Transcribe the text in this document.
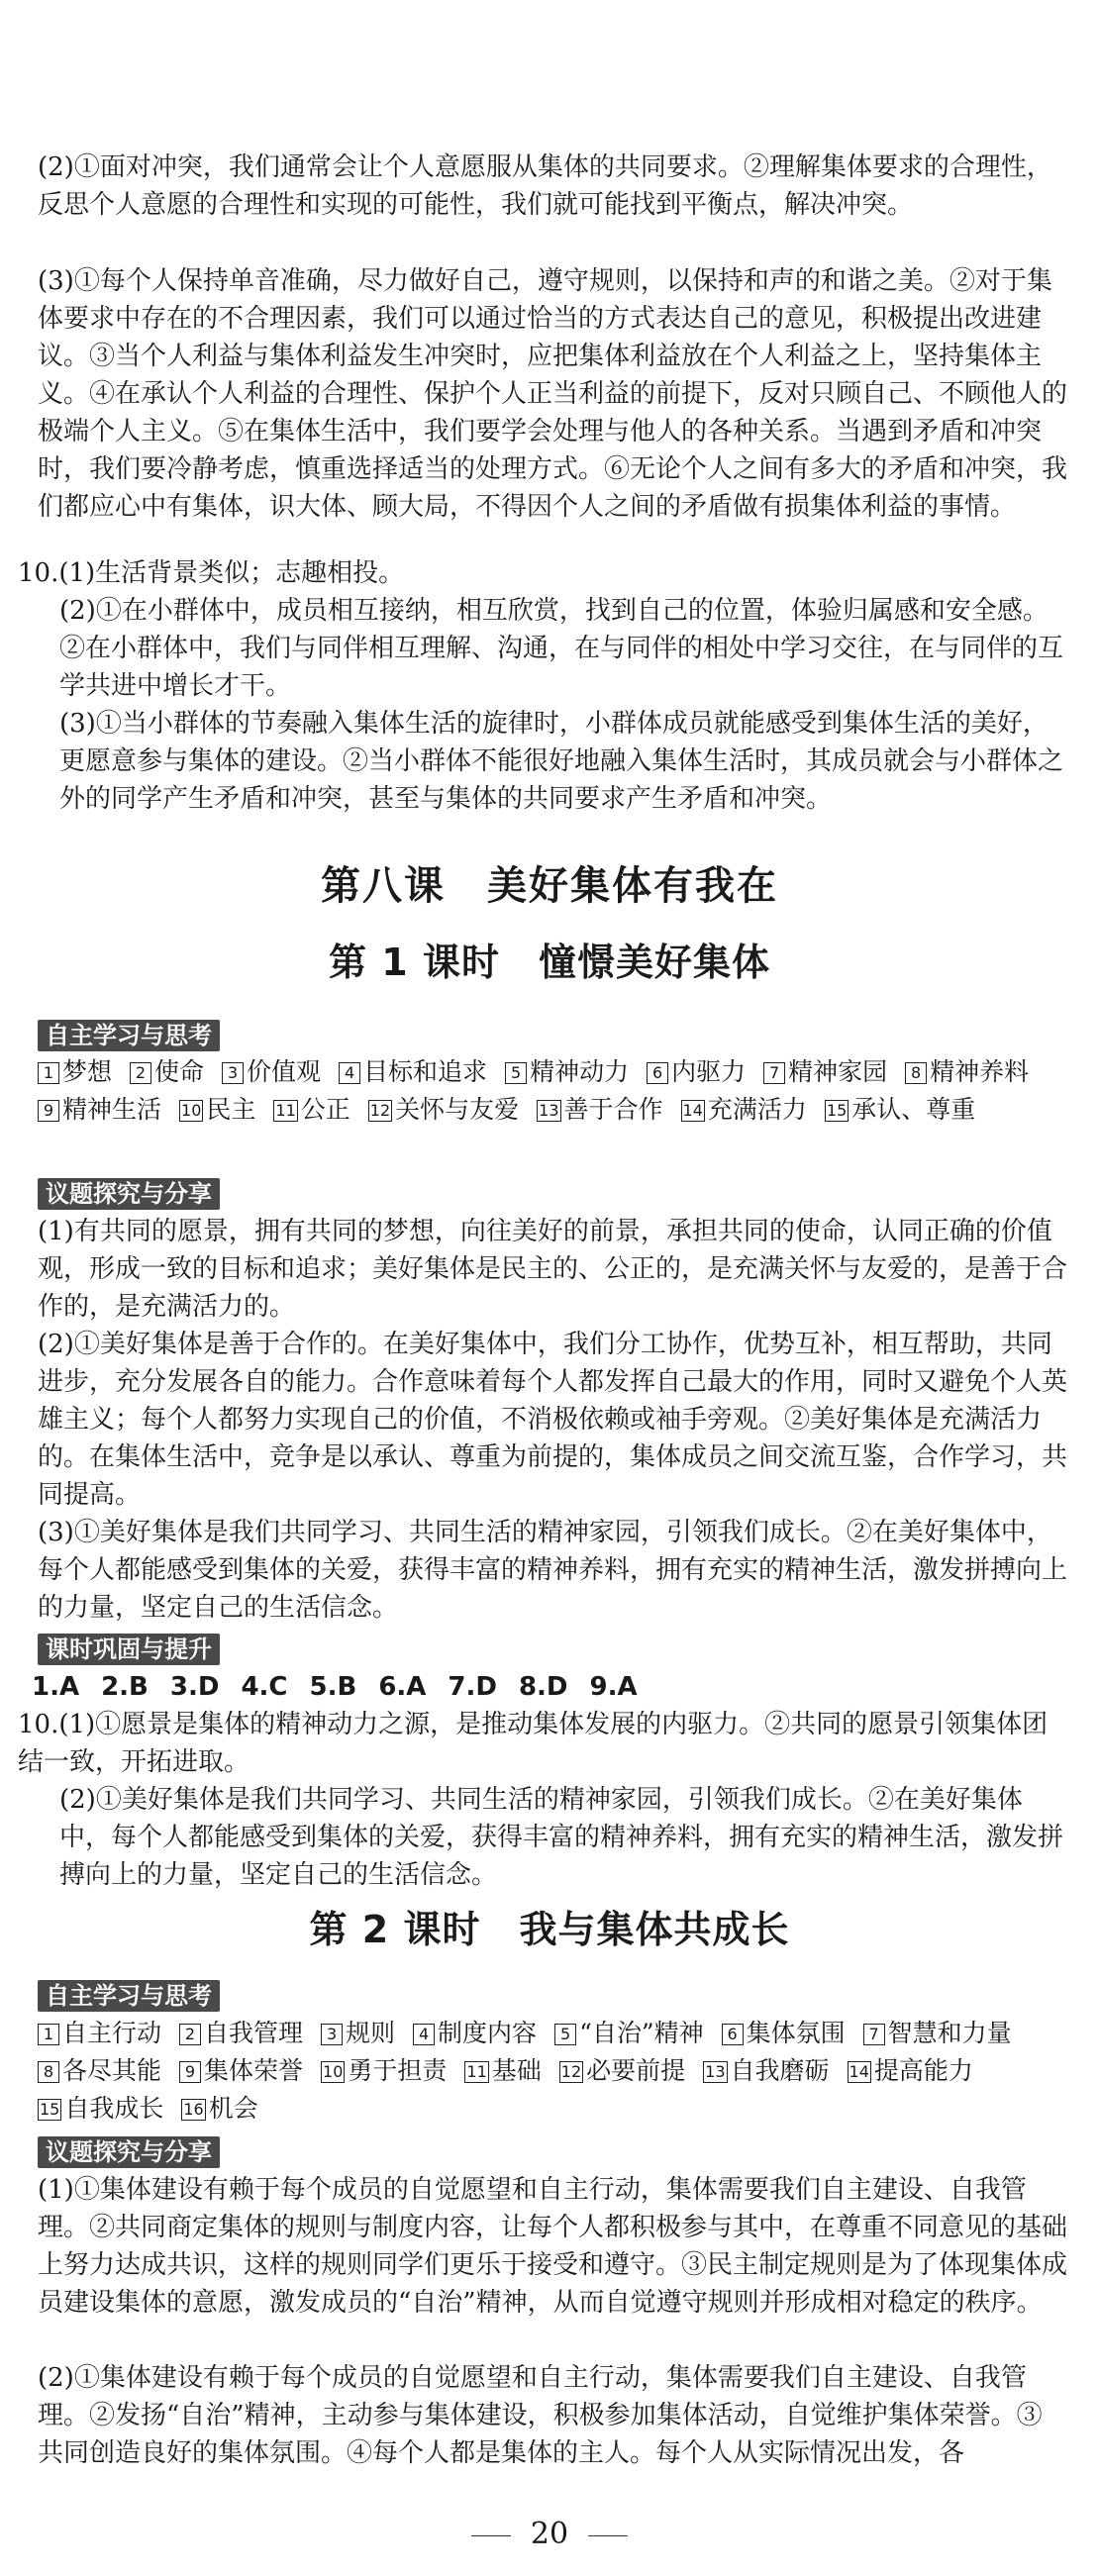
(2)①面对冲突，我们通常会让个人意愿服从集体的共同要求。②理解集体要求的合理性，反思个人意愿的合理性和实现的可能性，我们就可能找到平衡点，解决冲突。

(3)①每个人保持单音准确，尽力做好自己，遵守规则，以保持和声的和谐之美。②对于集体要求中存在的不合理因素，我们可以通过恰当的方式表达自己的意见，积极提出改进建议。③当个人利益与集体利益发生冲突时，应把集体利益放在个人利益之上，坚持集体主义。④在承认个人利益的合理性、保护个人正当利益的前提下，反对只顾自己、不顾他人的极端个人主义。⑤在集体生活中，我们要学会处理与他人的各种关系。当遇到矛盾和冲突时，我们要冷静考虑，慎重选择适当的处理方式。⑥无论个人之间有多大的矛盾和冲突，我们都应心中有集体，识大体、顾大局，不得因个人之间的矛盾做有损集体利益的事情。

10.(1)生活背景类似；志趣相投。

(2)①在小群体中，成员相互接纳，相互欣赏，找到自己的位置，体验归属感和安全感。②在小群体中，我们与同伴相互理解、沟通，在与同伴的相处中学习交往，在与同伴的互学共进中增长才干。

(3)①当小群体的节奏融入集体生活的旋律时，小群体成员就能感受到集体生活的美好，更愿意参与集体的建设。②当小群体不能很好地融入集体生活时，其成员就会与小群体之外的同学产生矛盾和冲突，甚至与集体的共同要求产生矛盾和冲突。

第八课　美好集体有我在
第 1 课时　憧憬美好集体
自主学习与思考
1 梦想 2 使命 3 价值观 4 目标和追求 5 精神动力 6 内驱力 7 精神家园 8 精神养料9 精神生活 10 民主 11 公正 12 关怀与友爱 13 善于合作 14 充满活力 15 承认、尊重
议题探究与分享

(1)有共同的愿景，拥有共同的梦想，向往美好的前景，承担共同的使命，认同正确的价值观，形成一致的目标和追求；美好集体是民主的、公正的，是充满关怀与友爱的，是善于合作的，是充满活力的。

(2)①美好集体是善于合作的。在美好集体中，我们分工协作，优势互补，相互帮助，共同进步，充分发展各自的能力。合作意味着每个人都发挥自己最大的作用，同时又避免个人英雄主义；每个人都努力实现自己的价值，不消极依赖或袖手旁观。②美好集体是充满活力的。在集体生活中，竞争是以承认、尊重为前提的，集体成员之间交流互鉴，合作学习，共同提高。

(3)①美好集体是我们共同学习、共同生活的精神家园，引领我们成长。②在美好集体中，每个人都能感受到集体的关爱，获得丰富的精神养料，拥有充实的精神生活，激发拼搏向上的力量，坚定自己的生活信念。

课时巩固与提升
1.A 2.B 3.D 4.C 5.B 6.A 7.D 8.D 9.A

10.(1)①愿景是集体的精神动力之源，是推动集体发展的内驱力。②共同的愿景引领集体团结一致，开拓进取。

(2)①美好集体是我们共同学习、共同生活的精神家园，引领我们成长。②在美好集体中，每个人都能感受到集体的关爱，获得丰富的精神养料，拥有充实的精神生活，激发拼搏向上的力量，坚定自己的生活信念。

第 2 课时　我与集体共成长
自主学习与思考
1 自主行动 2 自我管理 3 规则 4 制度内容 5 “自治”精神 6 集体氛围 7 智慧和力量8 各尽其能 9 集体荣誉 10 勇于担责 11 基础 12 必要前提 13 自我磨砺 14 提高能力15 自我成长 16 机会
议题探究与分享

(1)①集体建设有赖于每个成员的自觉愿望和自主行动，集体需要我们自主建设、自我管理。②共同商定集体的规则与制度内容，让每个人都积极参与其中，在尊重不同意见的基础上努力达成共识，这样的规则同学们更乐于接受和遵守。③民主制定规则是为了体现集体成员建设集体的意愿，激发成员的“自治”精神，从而自觉遵守规则并形成相对稳定的秩序。

(2)①集体建设有赖于每个成员的自觉愿望和自主行动，集体需要我们自主建设、自我管理。②发扬“自治”精神，主动参与集体建设，积极参加集体活动，自觉维护集体荣誉。③共同创造良好的集体氛围。④每个人都是集体的主人。每个人从实际情况出发，各

20
